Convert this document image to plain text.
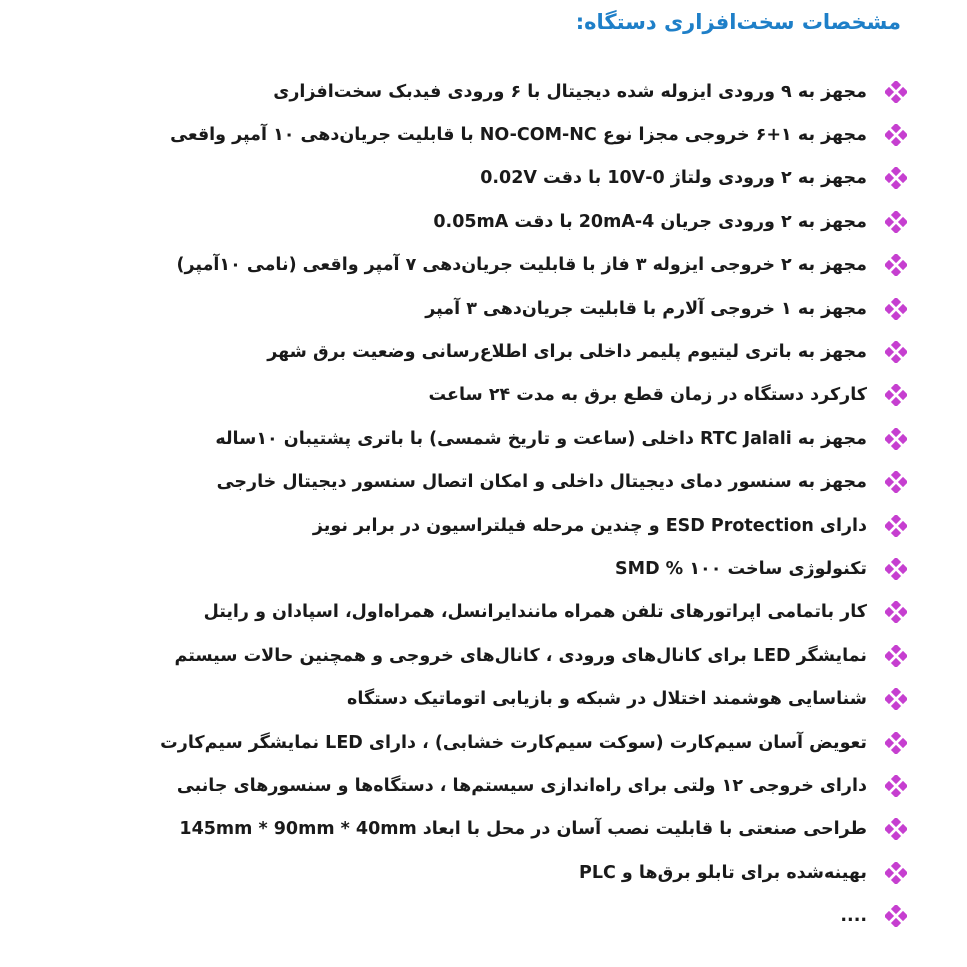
مشخصات سخت‌افزاری دستگاه:
مجهز به ۹ ورودی ایزوله شده دیجیتال با ۶ ورودی فیدبک سخت‌افزاری
مجهز به ۱+۶ خروجی مجزا نوع NO-COM-NC با قابلیت جریان‌دهی ۱۰ آمپر واقعی
مجهز به ۲ ورودی ولتاژ 0-10V با دقت 0.02V
مجهز به ۲ ورودی جریان 4-20mA با دقت 0.05mA
مجهز به ۲ خروجی ایزوله ۳ فاز با قابلیت جریان‌دهی ۷ آمپر واقعی (نامی ۱۰آمپر)
مجهز به ۱ خروجی آلارم با قابلیت جریان‌دهی ۳ آمپر
مجهز به باتری لیتیوم پلیمر داخلی برای اطلاع‌رسانی وضعیت برق شهر
کارکرد دستگاه در زمان قطع برق به مدت ۲۴ ساعت
مجهز به RTC Jalali داخلی (ساعت و تاریخ شمسی) با باتری پشتیبان ۱۰ساله
مجهز به سنسور دمای دیجیتال داخلی و امکان اتصال سنسور دیجیتال خارجی
دارای ESD Protection و چندین مرحله فیلتراسیون در برابر نویز
تکنولوژی ساخت ۱۰۰ % SMD
کار باتمامی اپراتورهای تلفن همراه مانندایرانسل، همراه‌اول، اسپادان و رایتل
نمایشگر LED برای کانال‌های ورودی ، کانال‌های خروجی و همچنین حالات سیستم
شناسایی هوشمند اختلال در شبکه و بازیابی اتوماتیک دستگاه
تعویض آسان سیم‌کارت (سوکت سیم‌کارت خشابی) ، دارای LED نمایشگر سیم‌کارت
دارای خروجی ۱۲ ولتی برای راه‌اندازی سیستم‌ها ، دستگاه‌ها و سنسورهای جانبی
طراحی صنعتی با قابلیت نصب آسان در محل با ابعاد 145mm * 90mm * 40mm
بهینه‌شده برای تابلو برق‌ها و PLC
....
